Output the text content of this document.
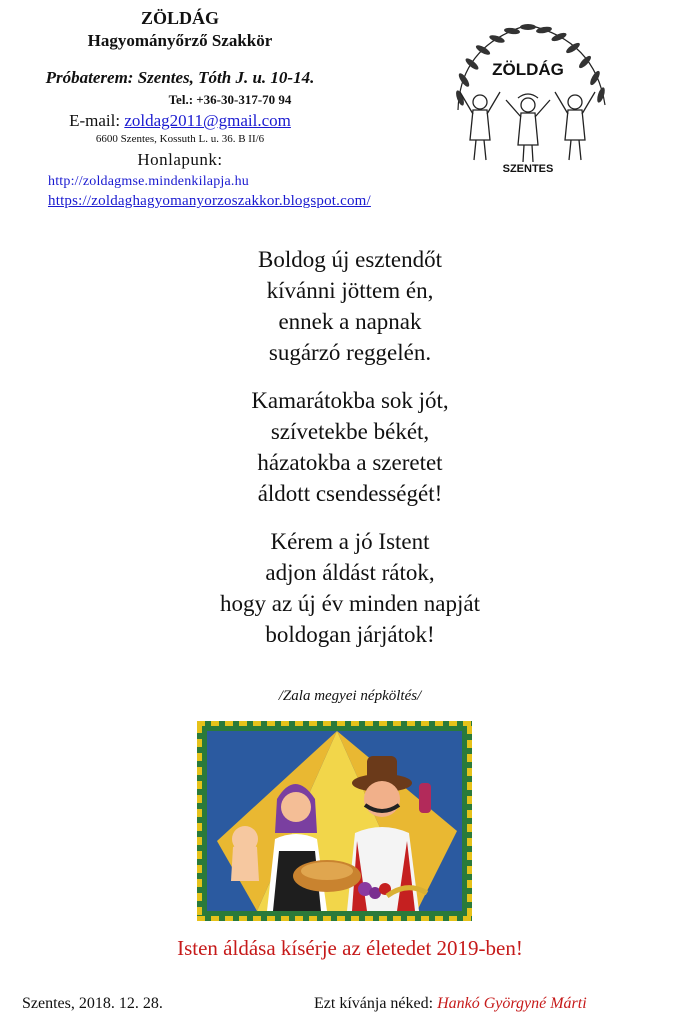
ZÖLDÁG
Hagyományőrző Szakkör
Próbaterem: Szentes, Tóth J. u. 10-14.
Tel.: +36-30-317-70 94
E-mail: zoldag2011@gmail.com
6600 Szentes, Kossuth L. u. 36. B II/6
Honlapunk:
http://zoldagmse.mindenkilapja.hu
https://zoldaghagyomanyorzoszakkor.blogspot.com/
ZÖLDÁG
SZENTES
Boldog új esztendőt
kívánni jöttem én,
ennek a napnak
sugárzó reggelén.
Kamarátokba sok jót,
szívetekbe békét,
házatokba a szeretet
áldott csendességét!
Kérem a jó Istent
adjon áldást rátok,
hogy az új év minden napját
boldogan járjátok!
/Zala megyei népköltés/
Isten áldása kísérje az életedet 2019-ben!
Szentes, 2018. 12. 28.	Ezt kívánja néked: Hankó Györgyné Márti
